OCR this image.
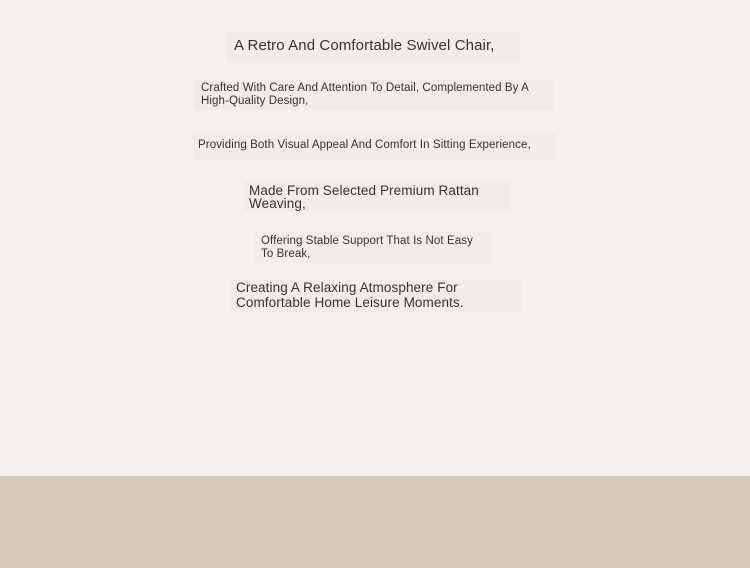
A Retro And Comfortable Swivel Chair,
Crafted With Care And Attention To Detail, Complemented By A High-Quality Design,
Providing Both Visual Appeal And Comfort In Sitting Experience,
Made From Selected Premium Rattan Weaving,
Offering Stable Support That Is Not Easy To Break,
Creating A Relaxing Atmosphere For Comfortable Home Leisure Moments.
